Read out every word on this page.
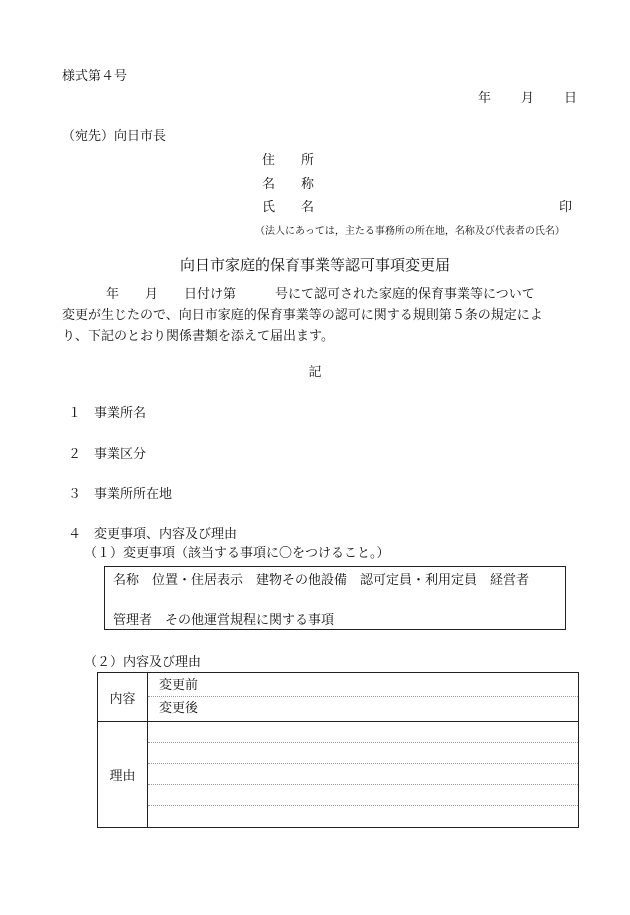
様式第４号
年 月 日
（宛先）向日市長
住　　所
名　　称
氏　　名	印
（法人にあっては，主たる事務所の所在地，名称及び代表者の氏名）
向日市家庭的保育事業等認可事項変更届
年　　月　　日付け第　　　号にて認可された家庭的保育事業等について
変更が生じたので、向日市家庭的保育事業等の認可に関する規則第５条の規定によ
り、下記のとおり関係書類を添えて届出ます。
記
１　事業所名
２　事業区分
３　事業所所在地
４　変更事項、内容及び理由
（１）変更事項（該当する事項に〇をつけること。）
名称　位置・住居表示　建物その他設備　認可定員・利用定員　経営者
管理者　その他運営規程に関する事項
（２）内容及び理由
内容	変更前
変更後

理由	
